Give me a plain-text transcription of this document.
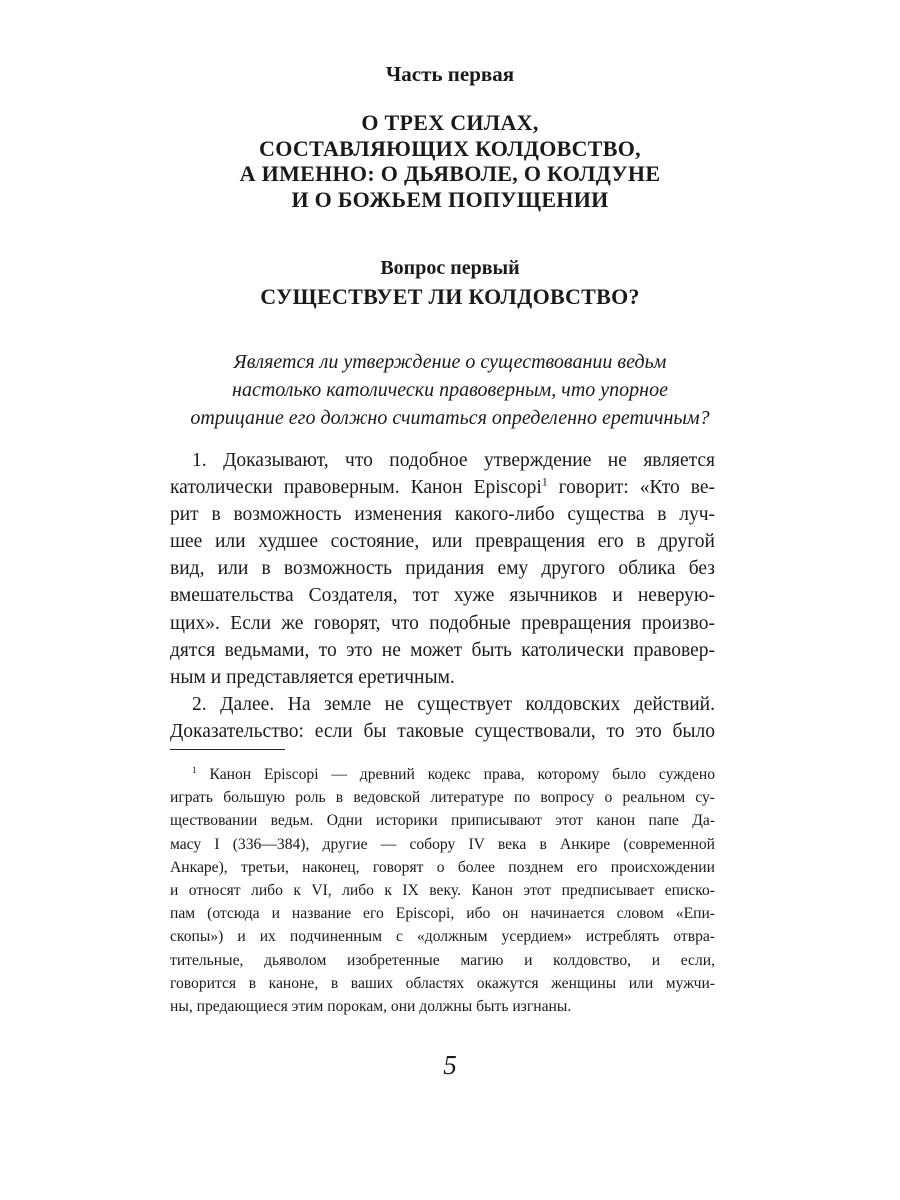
Часть первая
О ТРЕХ СИЛАХ,
СОСТАВЛЯЮЩИХ КОЛДОВСТВО,
А ИМЕННО: О ДЬЯВОЛЕ, О КОЛДУНЕ
И О БОЖЬЕМ ПОПУЩЕНИИ
Вопрос первый
СУЩЕСТВУЕТ ЛИ КОЛДОВСТВО?
Является ли утверждение о существовании ведьм
настолько католически правоверным, что упорное
отрицание его должно считаться определенно еретичным?
1. Доказывают, что подобное утверждение не является
католически правоверным. Канон Episcopi$^1$ говорит: «Кто ве-
рит в возможность изменения какого-либо существа в луч-
шее или худшее состояние, или превращения его в другой
вид, или в возможность придания ему другого облика без
вмешательства Создателя, тот хуже язычников и неверую-
щих». Если же говорят, что подобные превращения произво-
дятся ведьмами, то это не может быть католически правовер-
ным и представляется еретичным.
2. Далее. На земле не существует колдовских действий.
Доказательство: если бы таковые существовали, то это было
$^1$ Канон Episcopi — древний кодекс права, которому было суждено
играть большую роль в ведовской литературе по вопросу о реальном су-
ществовании ведьм. Одни историки приписывают этот канон папе Да-
масу I (336—384), другие — собору IV века в Анкире (современной
Анкаре), третьи, наконец, говорят о более позднем его происхождении
и относят либо к VI, либо к IX веку. Канон этот предписывает еписко-
пам (отсюда и название его Episcopi, ибо он начинается словом «Епи-
скопы») и их подчиненным с «должным усердием» истреблять отвра-
тительные, дьяволом изобретенные магию и колдовство, и если,
говорится в каноне, в ваших областях окажутся женщины или мужчи-
ны, предающиеся этим порокам, они должны быть изгнаны.
5
